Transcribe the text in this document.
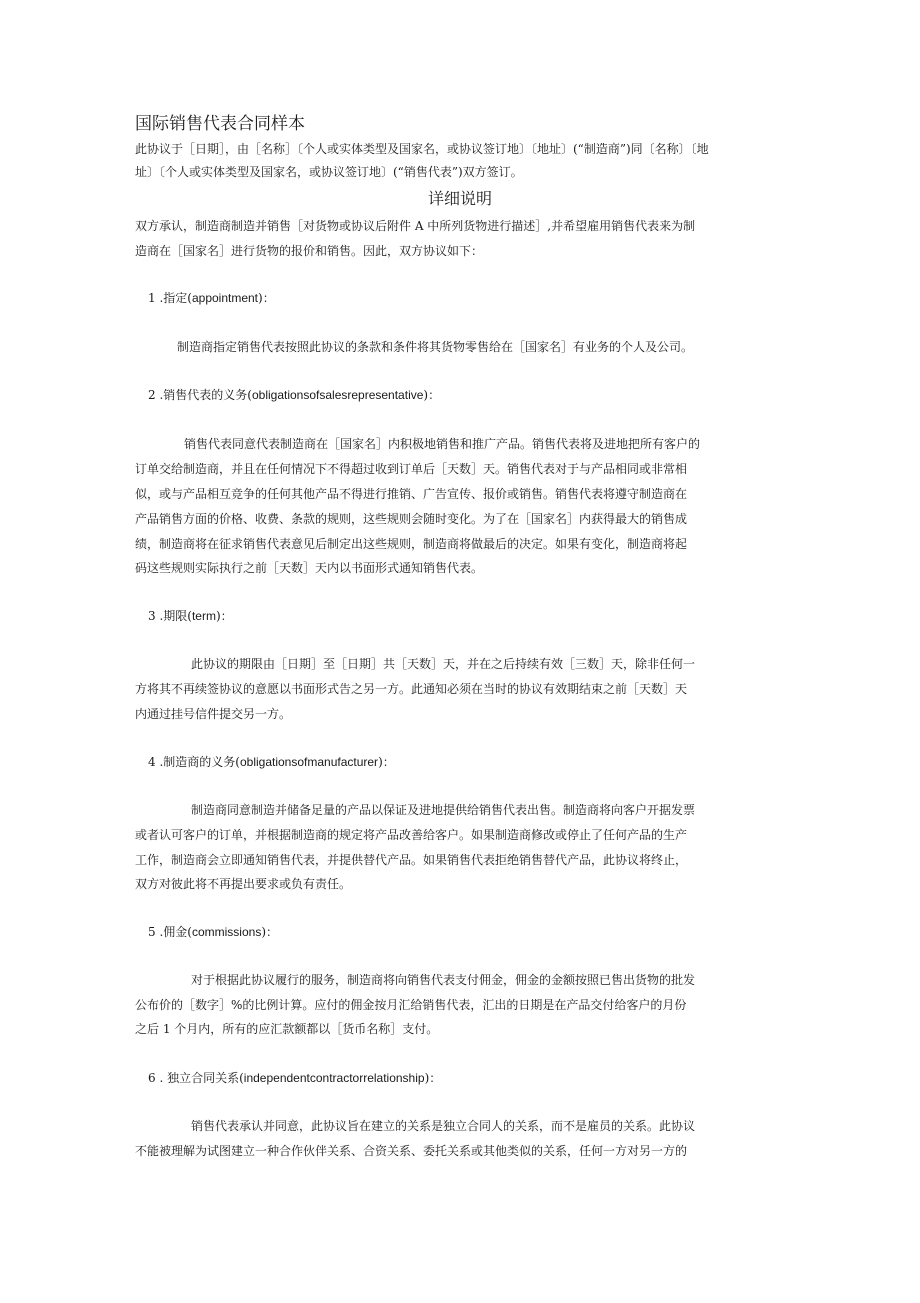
国际销售代表合同样本
此协议于［日期］，由［名称］〔个人或实体类型及国家名，或协议签订地〕〔地址〕(“制造商”)同〔名称〕〔地
址〕〔个人或实体类型及国家名，或协议签订地〕(“销售代表”)双方签订。
详细说明
双方承认，制造商制造并销售［对货物或协议后附件 A 中所列货物进行描述］,并希望雇用销售代表来为制
造商在［国家名］进行货物的报价和销售。因此，双方协议如下：
1 .指定(appointment)：
制造商指定销售代表按照此协议的条款和条件将其货物零售给在［国家名］有业务的个人及公司。
2 .销售代表的义务(obligationsofsalesrepresentative)：
销售代表同意代表制造商在［国家名］内积极地销售和推广产品。销售代表将及进地把所有客户的
订单交给制造商，并且在任何情况下不得超过收到订单后［天数］天。销售代表对于与产品相同或非常相
似，或与产品相互竞争的任何其他产品不得进行推销、广告宣传、报价或销售。销售代表将遵守制造商在
产品销售方面的价格、收费、条款的规则，这些规则会随时变化。为了在［国家名］内获得最大的销售成
绩，制造商将在征求销售代表意见后制定出这些规则，制造商将做最后的决定。如果有变化，制造商将起
码这些规则实际执行之前［天数］天内以书面形式通知销售代表。
3 .期限(term)：
此协议的期限由［日期］至［日期］共［天数］天，并在之后持续有效［三数］天，除非任何一
方将其不再续签协议的意愿以书面形式告之另一方。此通知必须在当时的协议有效期结束之前［天数］天
内通过挂号信件提交另一方。
4 .制造商的义务(obligationsofmanufacturer)：
制造商同意制造并储备足量的产品以保证及进地提供给销售代表出售。制造商将向客户开据发票
或者认可客户的订单，并根据制造商的规定将产品改善给客户。如果制造商修改或停止了任何产品的生产
工作，制造商会立即通知销售代表，并提供替代产品。如果销售代表拒绝销售替代产品，此协议将终止，
双方对彼此将不再提出要求或负有责任。
5 .佣金(commissions)：
对于根据此协议履行的服务，制造商将向销售代表支付佣金，佣金的金额按照已售出货物的批发
公布价的［数字］%的比例计算。应付的佣金按月汇给销售代表，汇出的日期是在产品交付给客户的月份
之后 1 个月内，所有的应汇款额都以［货币名称］支付。
6 . 独立合同关系(independentcontractorrelationship)：
销售代表承认并同意，此协议旨在建立的关系是独立合同人的关系，而不是雇员的关系。此协议
不能被理解为试图建立一种合作伙伴关系、合资关系、委托关系或其他类似的关系，任何一方对另一方的
